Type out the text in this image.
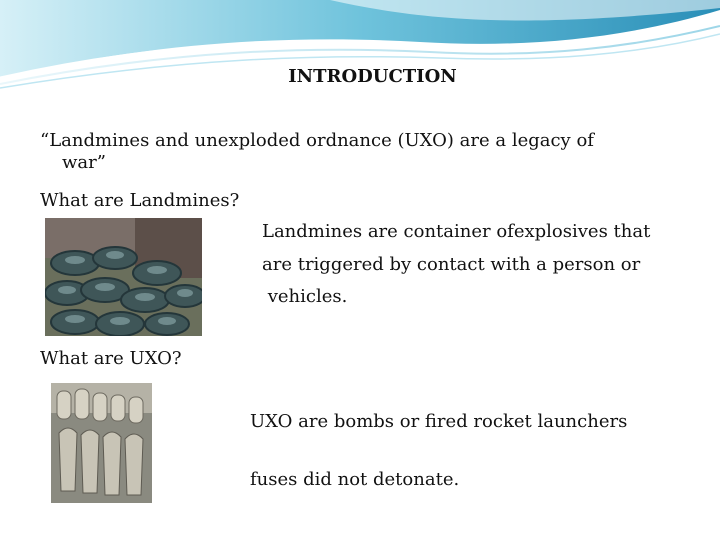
INTRODUCTION
“Landmines and unexploded ordnance (UXO) are a legacy of
war”
What are Landmines?
Landmines are container ofexplosives that
are triggered by contact with a person or
vehicles.
What are UXO?
UXO are bombs or fired rocket launchers
fuses did not detonate.
